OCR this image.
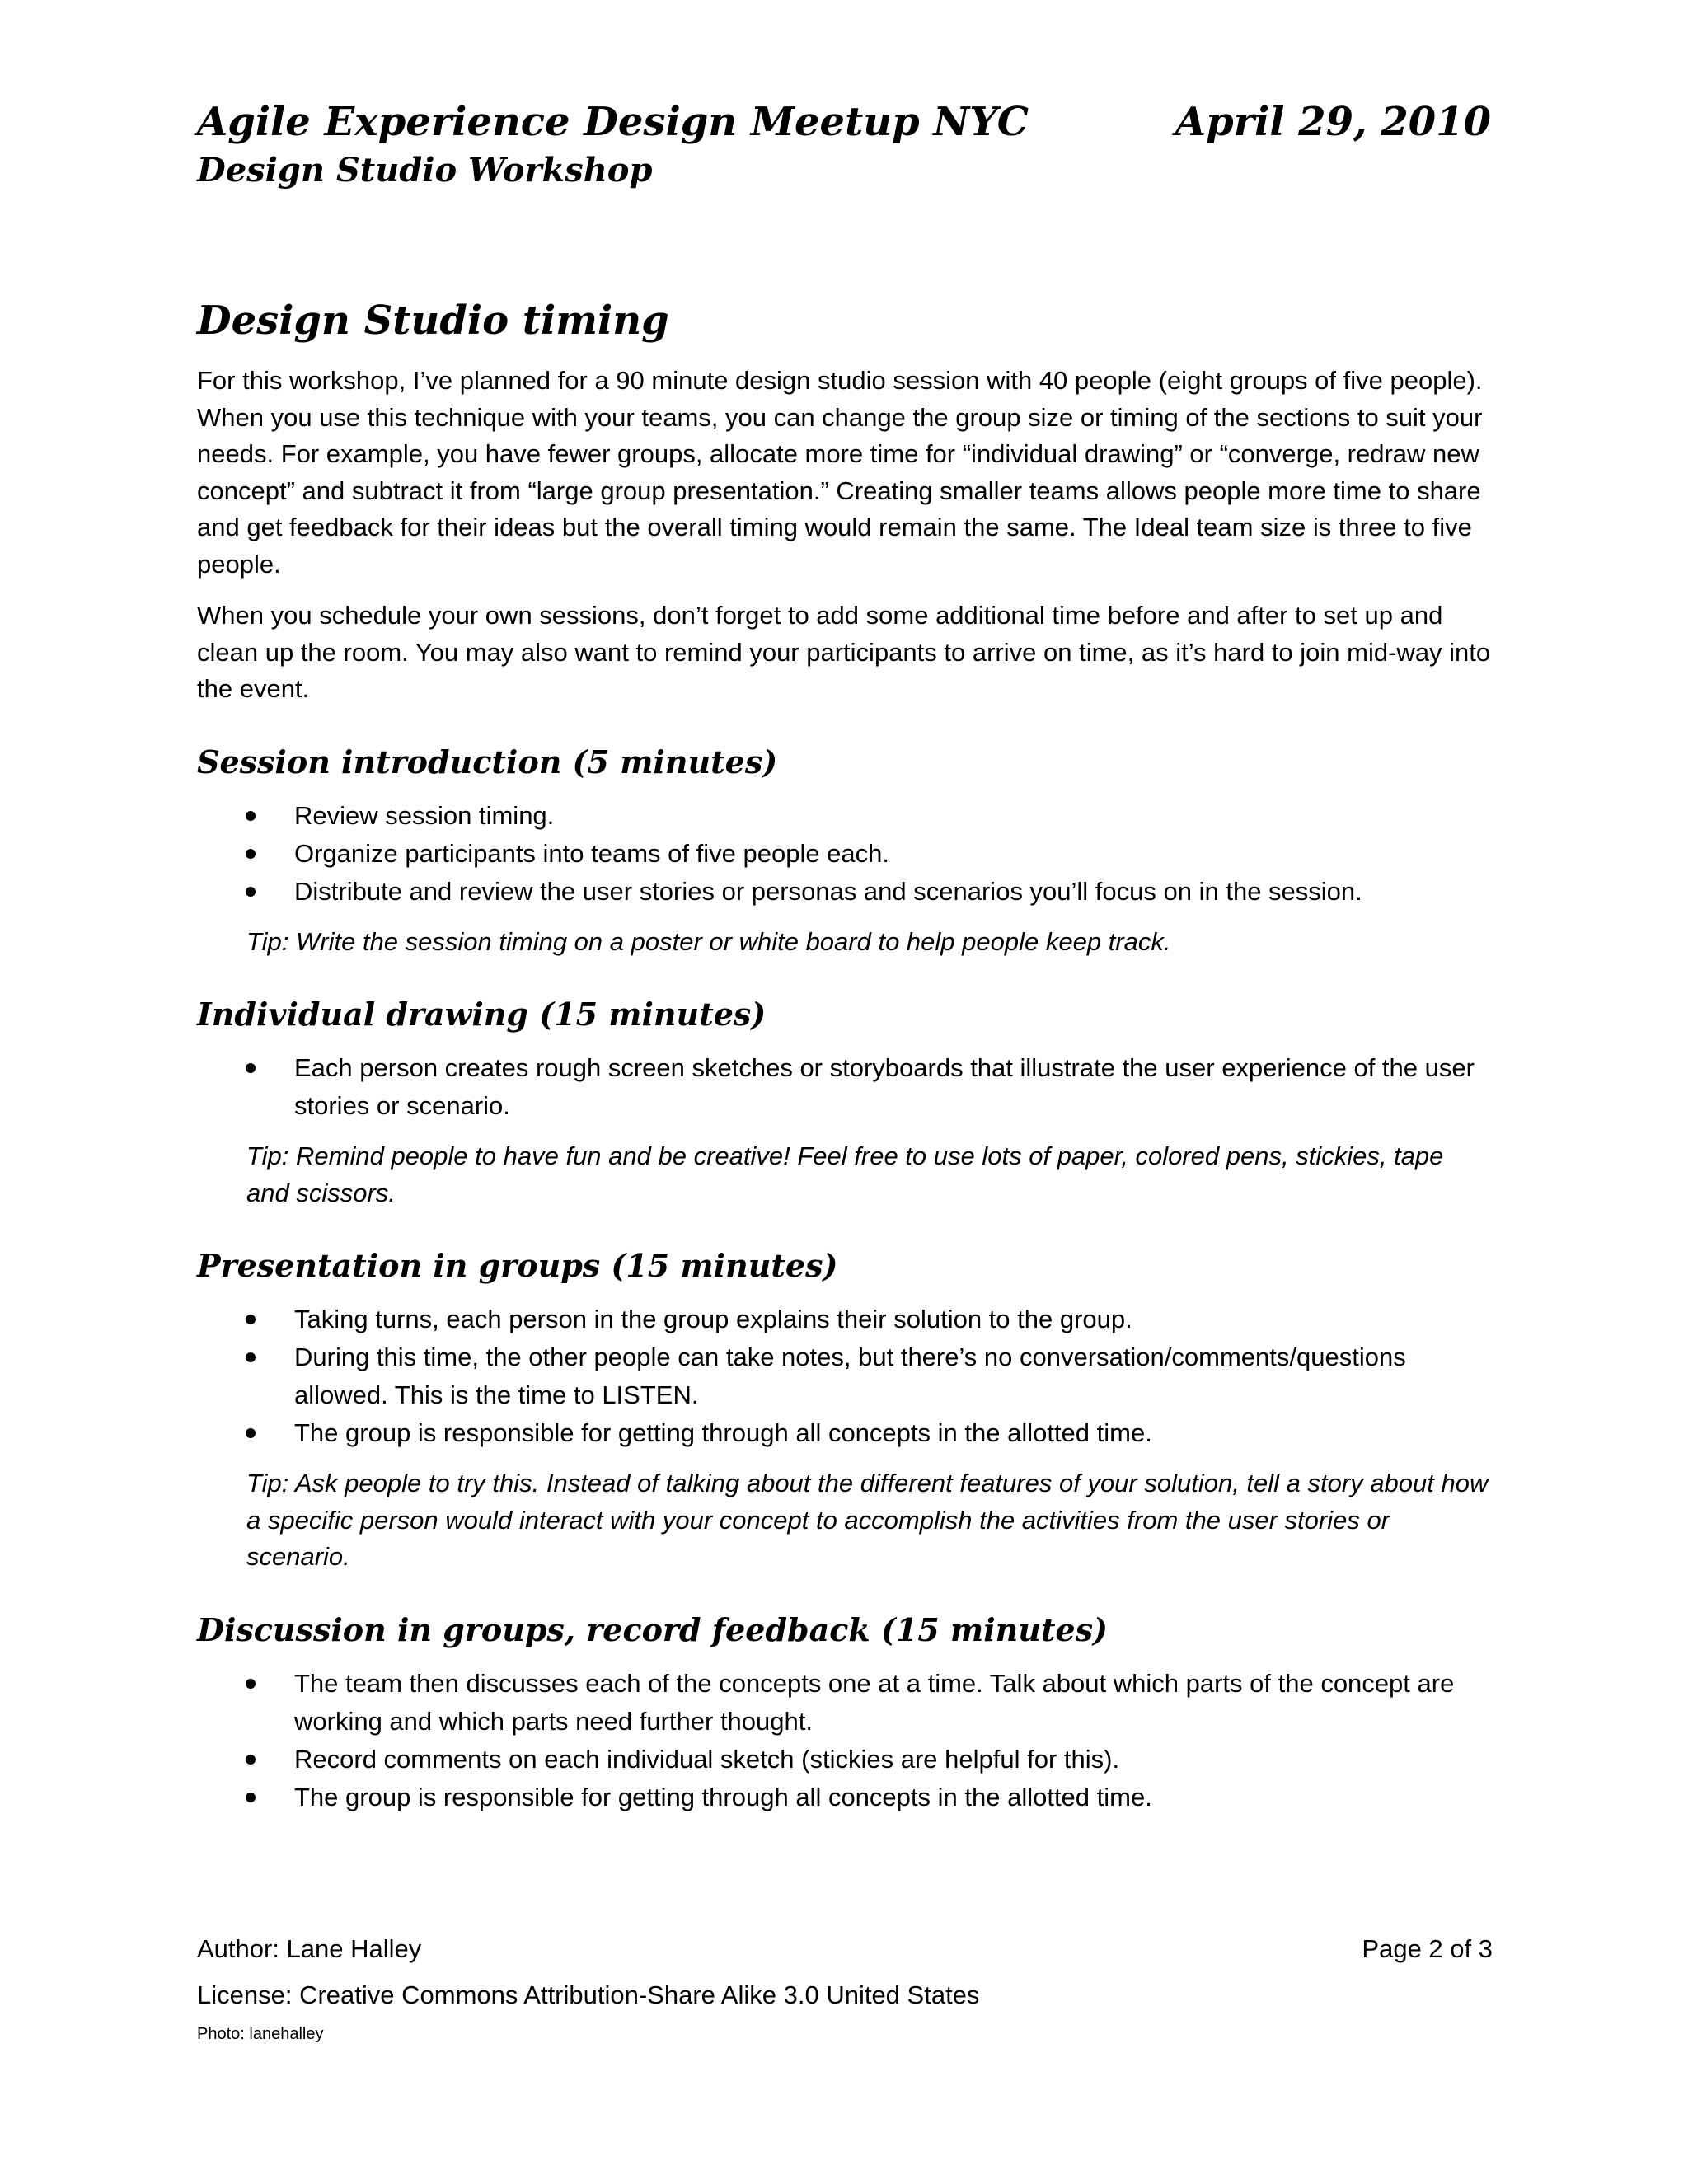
Agile Experience Design Meetup NYC	April 29, 2010
Design Studio Workshop
Design Studio timing

For this workshop, I’ve planned for a 90 minute design studio session with 40 people (eight groups of five people). When you use this technique with your teams, you can change the group size or timing of the sections to suit your needs. For example, you have fewer groups, allocate more time for “individual drawing” or “converge, redraw new concept” and subtract it from “large group presentation.” Creating smaller teams allows people more time to share and get feedback for their ideas but the overall timing would remain the same. The Ideal team size is three to five people.

When you schedule your own sessions, don’t forget to add some additional time before and after to set up and clean up the room. You may also want to remind your participants to arrive on time, as it’s hard to join mid-way into the event.

Session introduction (5 minutes)
Review session timing.
Organize participants into teams of five people each.
Distribute and review the user stories or personas and scenarios you’ll focus on in the session.

Tip: Write the session timing on a poster or white board to help people keep track.

Individual drawing (15 minutes)
Each person creates rough screen sketches or storyboards that illustrate the user experience of the user stories or scenario.

Tip: Remind people to have fun and be creative! Feel free to use lots of paper, colored pens, stickies, tape and scissors.

Presentation in groups (15 minutes)
Taking turns, each person in the group explains their solution to the group.
During this time, the other people can take notes, but there’s no conversation/comments/questions allowed. This is the time to LISTEN.
The group is responsible for getting through all concepts in the allotted time.

Tip: Ask people to try this. Instead of talking about the different features of your solution, tell a story about how a specific person would interact with your concept to accomplish the activities from the user stories or scenario.

Discussion in groups, record feedback (15 minutes)
The team then discusses each of the concepts one at a time. Talk about which parts of the concept are working and which parts need further thought.
Record comments on each individual sketch (stickies are helpful for this).
The group is responsible for getting through all concepts in the allotted time.
Author: Lane Halley	Page 2 of 3
License: Creative Commons Attribution-Share Alike 3.0 United States
Photo: lanehalley
